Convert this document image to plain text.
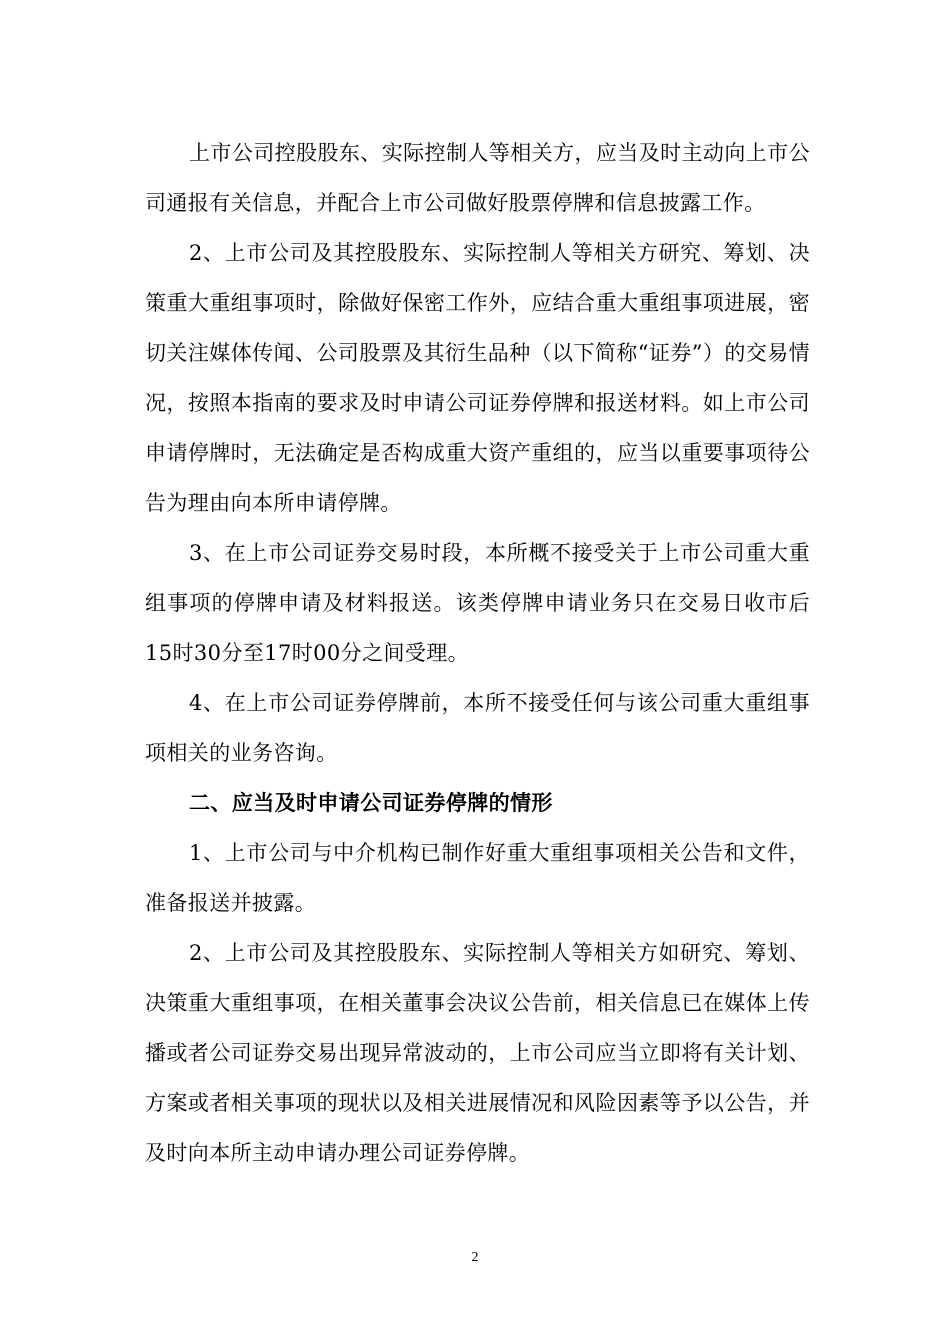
上市公司控股股东、实际控制人等相关方，应当及时主动向上市公司通报有关信息，并配合上市公司做好股票停牌和信息披露工作。

2、上市公司及其控股股东、实际控制人等相关方研究、筹划、决策重大重组事项时，除做好保密工作外，应结合重大重组事项进展，密切关注媒体传闻、公司股票及其衍生品种（以下简称“证券”）的交易情况，按照本指南的要求及时申请公司证券停牌和报送材料。如上市公司申请停牌时，无法确定是否构成重大资产重组的，应当以重要事项待公告为理由向本所申请停牌。

3、在上市公司证券交易时段，本所概不接受关于上市公司重大重组事项的停牌申请及材料报送。该类停牌申请业务只在交易日收市后15时30分至17时00分之间受理。

4、在上市公司证券停牌前，本所不接受任何与该公司重大重组事项相关的业务咨询。

二、应当及时申请公司证券停牌的情形

1、上市公司与中介机构已制作好重大重组事项相关公告和文件，准备报送并披露。

2、上市公司及其控股股东、实际控制人等相关方如研究、筹划、决策重大重组事项，在相关董事会决议公告前，相关信息已在媒体上传播或者公司证券交易出现异常波动的，上市公司应当立即将有关计划、方案或者相关事项的现状以及相关进展情况和风险因素等予以公告，并及时向本所主动申请办理公司证券停牌。

2
